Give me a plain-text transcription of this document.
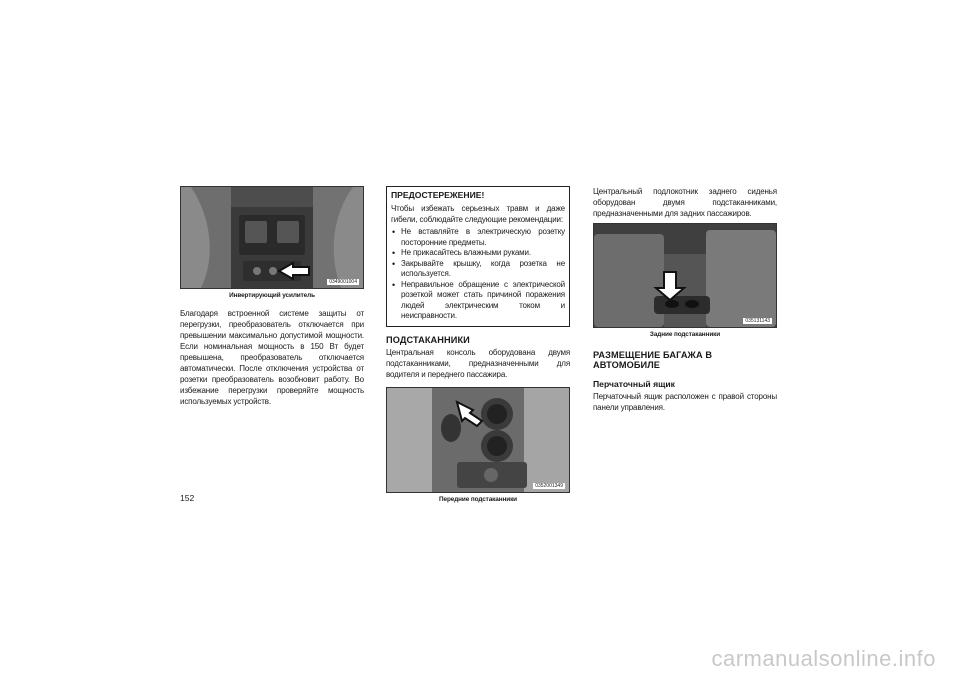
0349001004
Инвертирующий усилитель

Благодаря встроенной системе защиты от перегрузки, преобразователь отключается при превышении максимально допустимой мощности. Если номинальная мощность в 150 Вт будет превышена, преобразователь отключается автоматически. После отключения устройства от розетки преобразователь возобновит работу. Во избежание перегрузки проверяйте мощность используемых устройств.

ПРЕДОСТЕРЕЖЕНИЕ!

Чтобы избежать серьезных травм и даже гибели, соблюдайте следующие рекомендации:

• Не вставляйте в электрическую розетку посторонние предметы.
• Не прикасайтесь влажными руками.
• Закрывайте крышку, когда розетка не используется.
• Неправильное обращение с электрической розеткой может стать причиной поражения людей электрическим током и неисправности.

ПОДСТАКАННИКИ

Центральная консоль оборудована двумя подстаканниками, предназначенными для водителя и переднего пассажира.

0352001349
Передние подстаканники

Центральный подлокотник заднего сиденья оборудован двумя подстаканниками, предназначенными для задних пассажиров.

035131143
Задние подстаканники

РАЗМЕЩЕНИЕ БАГАЖА В АВТОМОБИЛЕ

Перчаточный ящик

Перчаточный ящик расположен с правой стороны панели управления.

152
carmanualsonline.info
